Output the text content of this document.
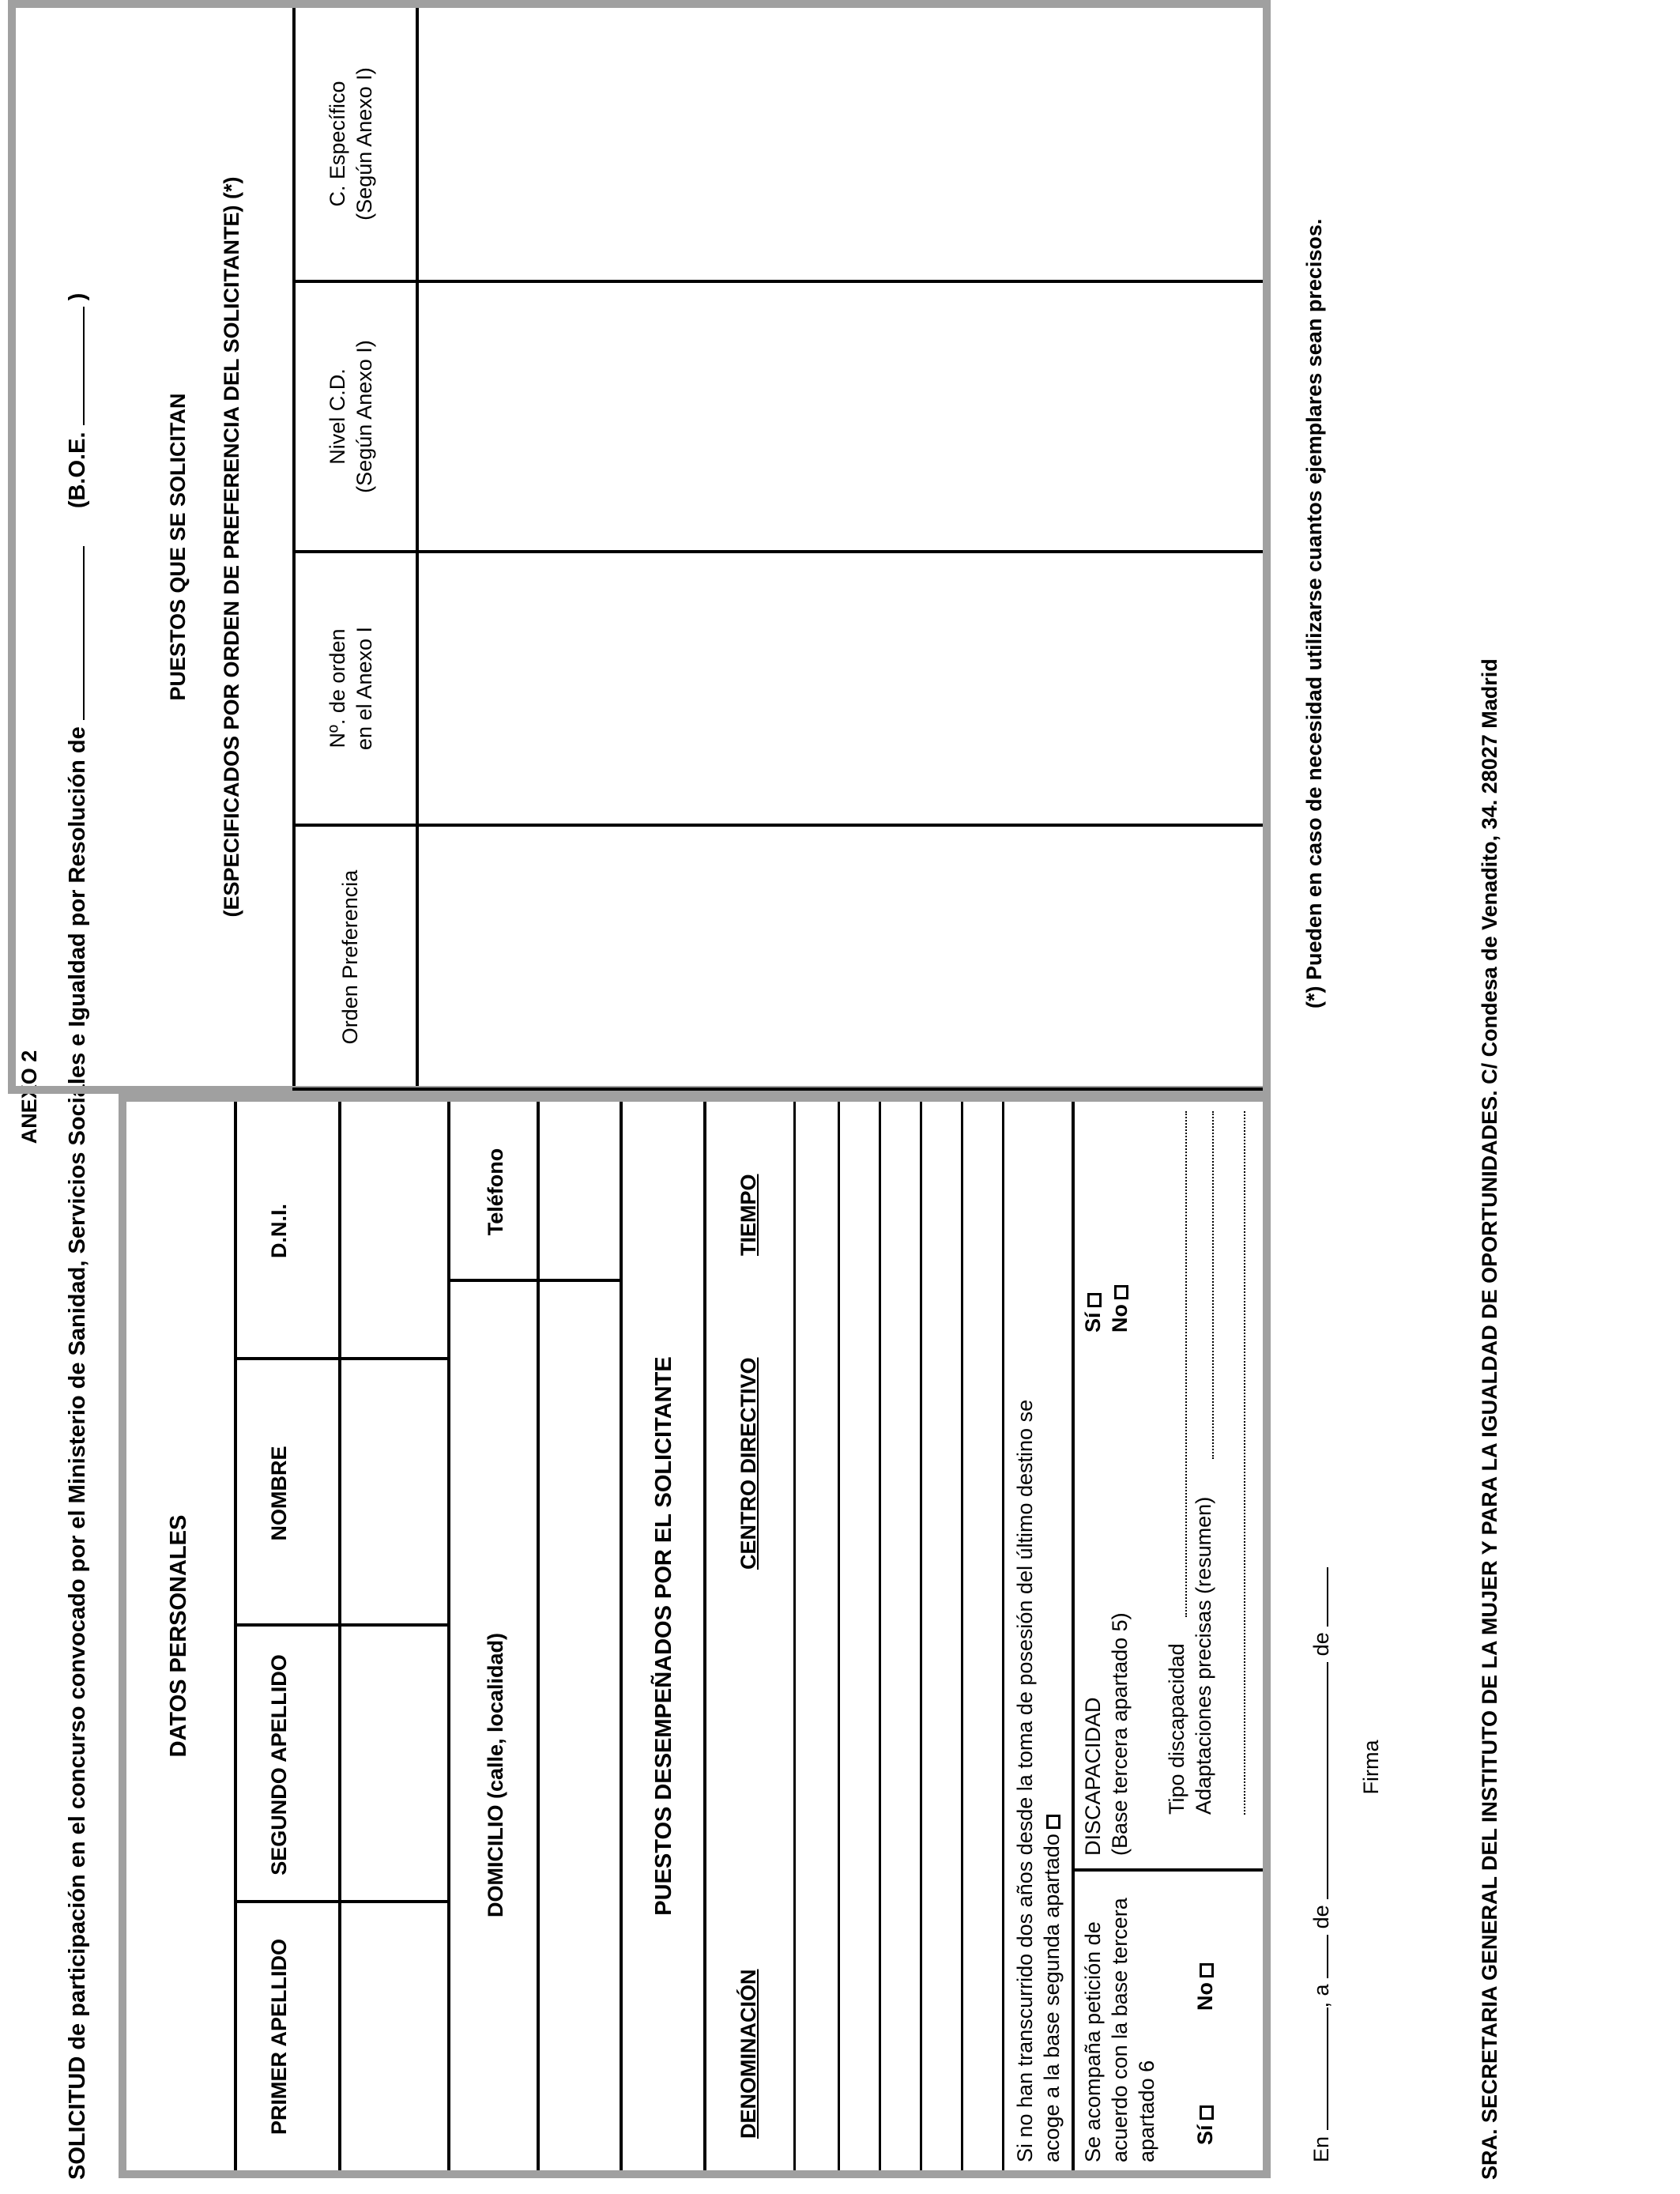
ANEXO 2 SOLICITUD de participación en el concurso convocado por el Ministerio de Sanidad, Servicios Sociales e Igualdad por Resolución de  (B.O.E.  )
DATOS PERSONALES
PRIMER APELLIDO
SEGUNDO APELLIDO
NOMBRE
D.N.I.
DOMICILIO (calle, localidad)
Teléfono
PUESTOS DESEMPEÑADOS POR EL SOLICITANTE
DENOMINACIÓN
CENTRO DIRECTIVO
TIEMPO
Si no han transcurrido dos años desde la toma de posesión del último destino se acoge a la base segunda apartado Se acompaña petición de acuerdo con la base tercera apartado 6 Sí
No
DISCAPACIDAD (Base tercera apartado 5)
Sí No
Tipo discapacidad Adaptaciones precisas (resumen)
En , a  de  de
Firma
PUESTOS QUE SE SOLICITAN (ESPECIFICADOS POR ORDEN DE PREFERENCIA DEL SOLICITANTE) (*)
Orden Preferencia
Nº. de orden en el Anexo I
Nivel C.D. (Según Anexo I)
C. Específico (Según Anexo I)
(*) Pueden en caso de necesidad utilizarse cuantos ejemplares sean precisos.
SRA. SECRETARIA GENERAL DEL INSTITUTO DE LA MUJER Y PARA LA IGUALDAD DE OPORTUNIDADES. C/ Condesa de Venadito, 34. 28027 Madrid
